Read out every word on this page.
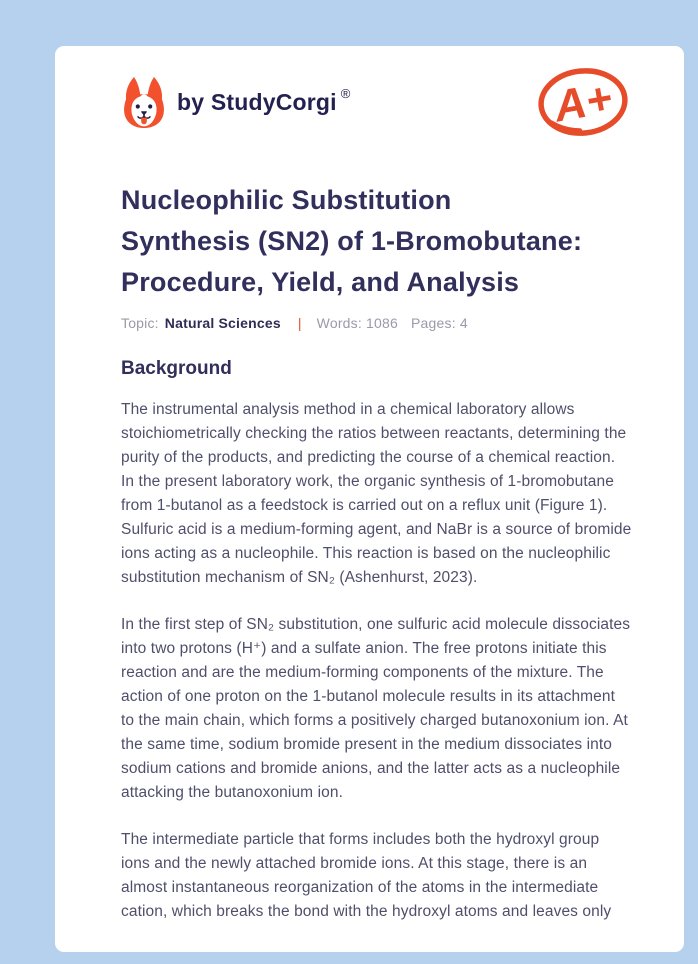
by StudyCorgi ®	A+
Nucleophilic Substitution
Synthesis (SN2) of 1-Bromobutane:
Procedure, Yield, and Analysis
Topic: Natural Sciences | Words: 1086 Pages: 4
Background

The instrumental analysis method in a chemical laboratory allows stoichiometrically checking the ratios between reactants, determining the purity of the products, and predicting the course of a chemical reaction. In the present laboratory work, the organic synthesis of 1-bromobutane from 1-butanol as a feedstock is carried out on a reflux unit (Figure 1). Sulfuric acid is a medium-forming agent, and NaBr is a source of bromide ions acting as a nucleophile. This reaction is based on the nucleophilic substitution mechanism of SN₂ (Ashenhurst, 2023).

In the first step of SN₂ substitution, one sulfuric acid molecule dissociates into two protons (H⁺) and a sulfate anion. The free protons initiate this reaction and are the medium-forming components of the mixture. The action of one proton on the 1-butanol molecule results in its attachment to the main chain, which forms a positively charged butanoxonium ion. At the same time, sodium bromide present in the medium dissociates into sodium cations and bromide anions, and the latter acts as a nucleophile attacking the butanoxonium ion.

The intermediate particle that forms includes both the hydroxyl group ions and the newly attached bromide ions. At this stage, there is an almost instantaneous reorganization of the atoms in the intermediate cation, which breaks the bond with the hydroxyl atoms and leaves only
